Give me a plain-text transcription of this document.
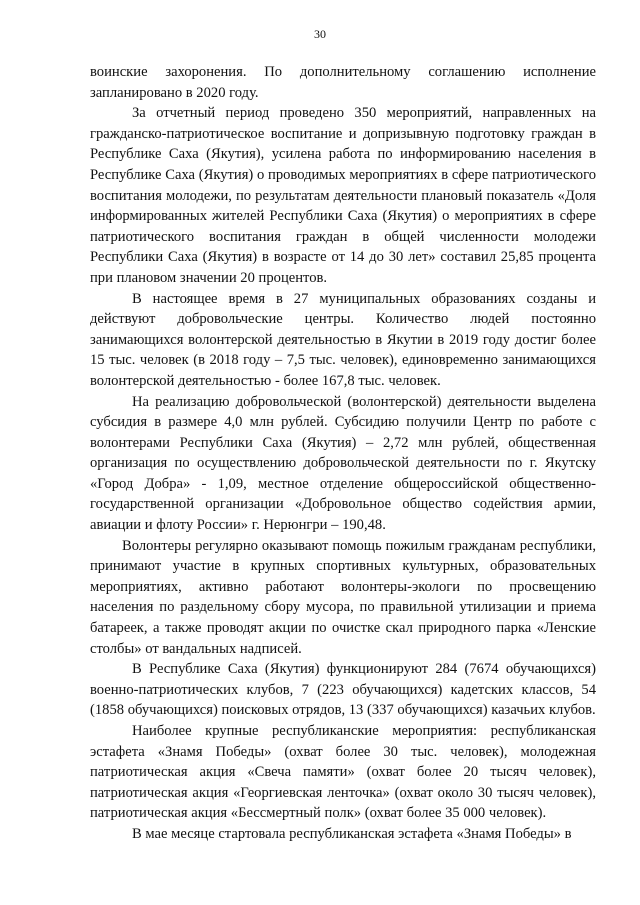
30

воинские захоронения. По дополнительному соглашению исполнение запланировано в 2020 году.

За отчетный период проведено 350 мероприятий, направленных на гражданско-патриотическое воспитание и допризывную подготовку граждан в Республике Саха (Якутия), усилена работа по информированию населения в Республике Саха (Якутия) о проводимых мероприятиях в сфере патриотического воспитания молодежи, по результатам деятельности плановый показатель «Доля информированных жителей Республики Саха (Якутия) о мероприятиях в сфере патриотического воспитания граждан в общей численности молодежи Республики Саха (Якутия) в возрасте от 14 до 30 лет» составил 25,85 процента при плановом значении 20 процентов.

В настоящее время в 27 муниципальных образованиях созданы и действуют добровольческие центры. Количество людей постоянно занимающихся волонтерской деятельностью в Якутии в 2019 году достиг более 15 тыс. человек (в 2018 году – 7,5 тыс. человек), единовременно занимающихся волонтерской деятельностью - более 167,8 тыс. человек.

На реализацию добровольческой (волонтерской) деятельности выделена субсидия в размере 4,0 млн рублей. Субсидию получили Центр по работе с волонтерами Республики Саха (Якутия) – 2,72 млн рублей, общественная организация по осуществлению добровольческой деятельности по г. Якутску «Город Добра» - 1,09, местное отделение общероссийской общественно-государственной организации «Добровольное общество содействия армии, авиации и флоту России» г. Нерюнгри – 190,48.

Волонтеры регулярно оказывают помощь пожилым гражданам республики, принимают участие в крупных спортивных культурных, образовательных мероприятиях, активно работают волонтеры-экологи по просвещению населения по раздельному сбору мусора, по правильной утилизации и приема батареек, а также проводят акции по очистке скал природного парка «Ленские столбы» от вандальных надписей.

В Республике Саха (Якутия) функционируют 284 (7674 обучающихся) военно-патриотических клубов, 7 (223 обучающихся) кадетских классов, 54 (1858 обучающихся) поисковых отрядов, 13 (337 обучающихся) казачьих клубов.

Наиболее крупные республиканские мероприятия: республиканская эстафета «Знамя Победы» (охват более 30 тыс. человек), молодежная патриотическая акция «Свеча памяти» (охват более 20 тысяч человек), патриотическая акция «Георгиевская ленточка» (охват около 30 тысяч человек), патриотическая акция «Бессмертный полк» (охват более 35 000 человек).

В мае месяце стартовала республиканская эстафета «Знамя Победы» в
